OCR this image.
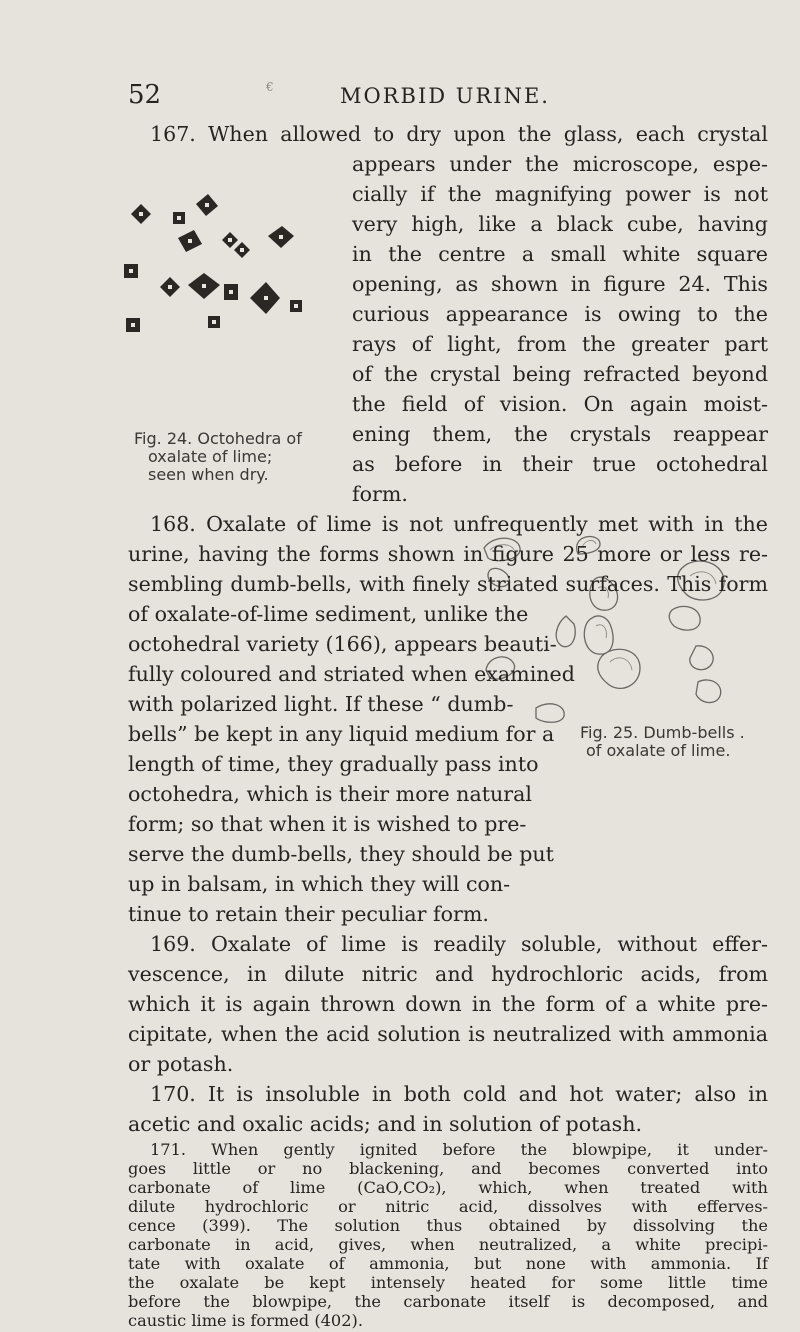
52	€	MORBID URINE.
Fig. 24. Octohedra of
oxalate of lime;
seen when dry.
Fig. 25. Dumb-bells .
of oxalate of lime.
167. When allowed to dry upon the glass, each crystal
appears under the microscope, espe-
cially if the magnifying power is not
very high, like a black cube, having
in the centre a small white square
opening, as shown in figure 24. This
curious appearance is owing to the
rays of light, from the greater part
of the crystal being refracted beyond
the field of vision. On again moist-
ening them, the crystals reappear
as before in their true octohedral
form.
168. Oxalate of lime is not unfrequently met with in the
urine, having the forms shown in figure 25 more or less re-
sembling dumb-bells, with finely striated surfaces. This form
of oxalate-of-lime sediment, unlike the
octohedral variety (166), appears beauti-
fully coloured and striated when examined
with polarized light. If these “ dumb-
bells” be kept in any liquid medium for a
length of time, they gradually pass into
octohedra, which is their more natural
form; so that when it is wished to pre-
serve the dumb-bells, they should be put
up in balsam, in which they will con-
tinue to retain their peculiar form.
169. Oxalate of lime is readily soluble, without effer-
vescence, in dilute nitric and hydrochloric acids, from
which it is again thrown down in the form of a white pre-
cipitate, when the acid solution is neutralized with ammonia
or potash.
170. It is insoluble in both cold and hot water; also in
acetic and oxalic acids; and in solution of potash.
171. When gently ignited before the blowpipe, it under-
goes little or no blackening, and becomes converted into
carbonate of lime (CaO,CO₂), which, when treated with
dilute hydrochloric or nitric acid, dissolves with efferves-
cence (399). The solution thus obtained by dissolving the
carbonate in acid, gives, when neutralized, a white precipi-
tate with oxalate of ammonia, but none with ammonia. If
the oxalate be kept intensely heated for some little time
before the blowpipe, the carbonate itself is decomposed, and
caustic lime is formed (402).
